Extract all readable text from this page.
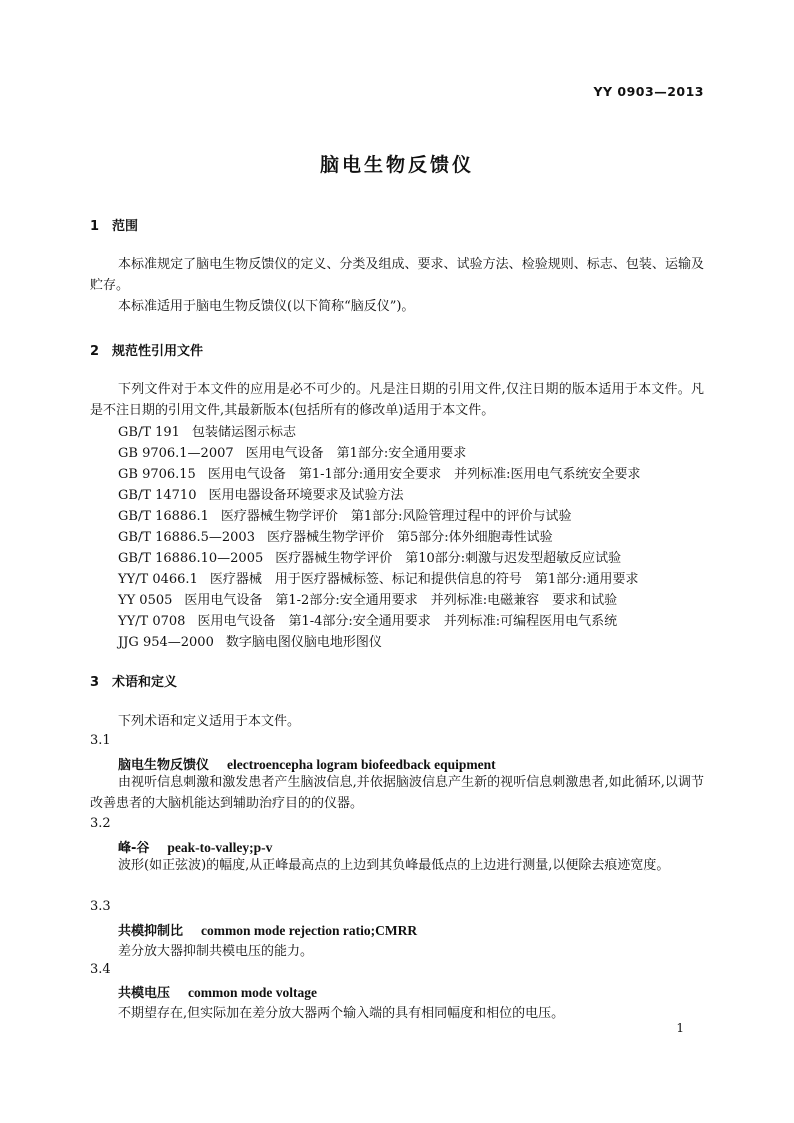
YY 0903—2013
脑电生物反馈仪
1 范围
本标准规定了脑电生物反馈仪的定义、分类及组成、要求、试验方法、检验规则、标志、包装、运输及贮存。
本标准适用于脑电生物反馈仪(以下简称“脑反仪”)。
2 规范性引用文件
下列文件对于本文件的应用是必不可少的。凡是注日期的引用文件,仅注日期的版本适用于本文件。凡是不注日期的引用文件,其最新版本(包括所有的修改单)适用于本文件。
GB/T 191 包装储运图示标志
GB 9706.1—2007 医用电气设备　第1部分:安全通用要求
GB 9706.15 医用电气设备　第1-1部分:通用安全要求　并列标准:医用电气系统安全要求
GB/T 14710 医用电器设备环境要求及试验方法
GB/T 16886.1 医疗器械生物学评价　第1部分:风险管理过程中的评价与试验
GB/T 16886.5—2003 医疗器械生物学评价　第5部分:体外细胞毒性试验
GB/T 16886.10—2005 医疗器械生物学评价　第10部分:刺激与迟发型超敏反应试验
YY/T 0466.1 医疗器械　用于医疗器械标签、标记和提供信息的符号　第1部分:通用要求
YY 0505 医用电气设备　第1-2部分:安全通用要求　并列标准:电磁兼容　要求和试验
YY/T 0708 医用电气设备　第1-4部分:安全通用要求　并列标准:可编程医用电气系统
JJG 954—2000 数字脑电图仪脑电地形图仪
3 术语和定义
下列术语和定义适用于本文件。
3.1
脑电生物反馈仪 electroencepha logram biofeedback equipment
由视听信息刺激和激发患者产生脑波信息,并依据脑波信息产生新的视听信息刺激患者,如此循环,以调节改善患者的大脑机能达到辅助治疗目的的仪器。
3.2
峰-谷 peak-to-valley;p-v
波形(如正弦波)的幅度,从正峰最高点的上边到其负峰最低点的上边进行测量,以便除去痕迹宽度。
3.3
共模抑制比 common mode rejection ratio;CMRR
差分放大器抑制共模电压的能力。
3.4
共模电压 common mode voltage
不期望存在,但实际加在差分放大器两个输入端的具有相同幅度和相位的电压。
1
